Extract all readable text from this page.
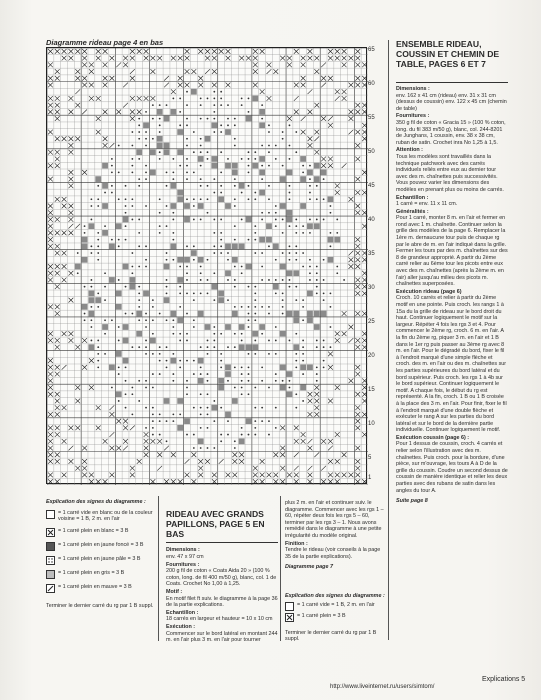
Diagramme rideau page 4 en bas
65
60
55
50
45
40
35
30
25
20
15
10
5
1
ENSEMBLE RIDEAU, COUSSIN ET CHEMIN DE TABLE, PAGES 6 ET 7

Dimensions :
env. 162 x 41 cm (rideau) env. 31 x 31 cm (dessus de coussin) env. 122 x 45 cm (chemin de table)

Fournitures :
350 g fil de coton « Gracia 15 » (100 % coton, long. du fil 383 m/50 g), blanc, col. 244-8201 de Junghans, 1 coussin, env. 38 x 38 cm, ruban de satin. Crochet inra No 1,25 à 1,5.

Attention :
Tous les modèles sont travaillés dans la technique patchwork avec des carrés individuels reliés entre eux au dernier tour avec des m. chaînettes puis successivités. Vous pouvez varier les dimensions des modèles en prenant plus ou moins de carrés.

Echantillon :
1 carré = env. 11 x 11 cm.

Généralités :
Pour 1 carré, monter 8 m. en l'air et fermer en rond avec 1 m. chaînette. Continuer selon la grille des modèles de la page 6. Remplacer la 1ère m. dernaucune tour puis de chaque rg par le abre de m. en l'air indiqué dans la grille. Fermer les tours par des m. chaînettes sur des 8 de grandeur approprié. A partir du 2ème carré relier au 6ème tour les picots entre eux avec des m. chaînettes (après la 2ème m. en l'air) aller jusqu'au milieu des picots m. chaînettes superposées.

Exécution rideau (page 6)
Croch. 10 carrés et relier à partir du 2ème motif en une pointe. Puis croch. les rangs 1 à 15a du la grille de rideau sur le bord droit du haut. Continuer logiquement le motif sur la largeur. Répéter 4 fois les rgs 3 et 4. Pour commencer le 2ème rg, croch. 6 m. en l'air. A la fin du 2ème rg, piquer 3 m. en l'air et 1 B dans le 1er rg puis passer au 3ème rg avec 8 m. en l'air. Pour le dégradé du bord, fixer le fil à l'endroit marqué d'une simple flèche et croch. des m. en l'air ou des m. chaînettes sur les parties supérieures du bord latéral et du bord supérieur. Puis croch. les rgs 1 à 4b sur le bord supérieur. Continuer logiquement le motif. A chaque fois, le début du rg est représenté. A la fin, croch. 1 B ou 1 B croisée à la place des 3 m. en l'air. Pour finir, fixer le fil à l'endroit marqué d'une double flèche et exécuter le rang A sur les parties du bord latéral et sur le bord de la dernière partie individuelle. Continuer logiquement le motif.

Exécution coussin (page 6) :
Pour 1 dessus de coussin, croch. 4 carrés et relier selon l'illustration avec des m. chaînettes. Puis croch. pour la bordure, d'une pièce, sur m'ouvrage, les tours A à D de la grille du coussin. Coudre un second dessus de coussin de manière identique et relier les deux parties avec des rubans de satin dans les angles du tour A.

Suite page 8

Explication des signes du diagramme :
= 1 carré vide en blanc ou de la couleur voisine = 1 B, 2 m. en l'air
= 1 carré plein en blanc = 3 B
= 1 carré plein en jaune foncé = 3 B
= 1 carré plein en jaune pâle = 3 B
= 1 carré plein en gris = 3 B
= 1 carré plein en mauve = 3 B
Terminer le dernier carré du rg par 1 B suppl.
RIDEAU AVEC GRANDS PAPILLONS, PAGE 5 EN BAS

Dimensions :
env. 47 x 97 cm

Fournitures :
200 g fil de coton « Coats Aida 20 » (100 % coton, long. de fil 400 m/50 g), blanc, col. 1 de Coats. Crochet No 1,00 à 1,25.

Motif :
En motif filet ft suiv. le diagramme à la page 36 de la partie explications.

Echantillon :
18 carrés en largeur et hauteur = 10 x 10 cm

Exécution :
Commencer sur le bord latéral en montant 244 m. en l'air plus 3 m. en l'air pour tourner

plus 2 m. en l'air et continuer suiv. le diagramme. Commencer avec les rgs 1 – 60, répéter deux fois les rgs 5 – 60, terminer par les rgs 3 – 1. Nous avons remédié dans le diagramme à une petite irrégularité du modèle original.

Finition :
Tendre le rideau (voir conseils à la page 35 de la partie explications).

Diagramme page 7

Explication des signes du diagramme :

= 1 carré vide = 1 B, 2 m. en l'air
= 1 carré plein = 3 B

Terminer le dernier carré du rg par 1 B suppl.

Explications 5
http://www.liveinternet.ru/users/simtom/
